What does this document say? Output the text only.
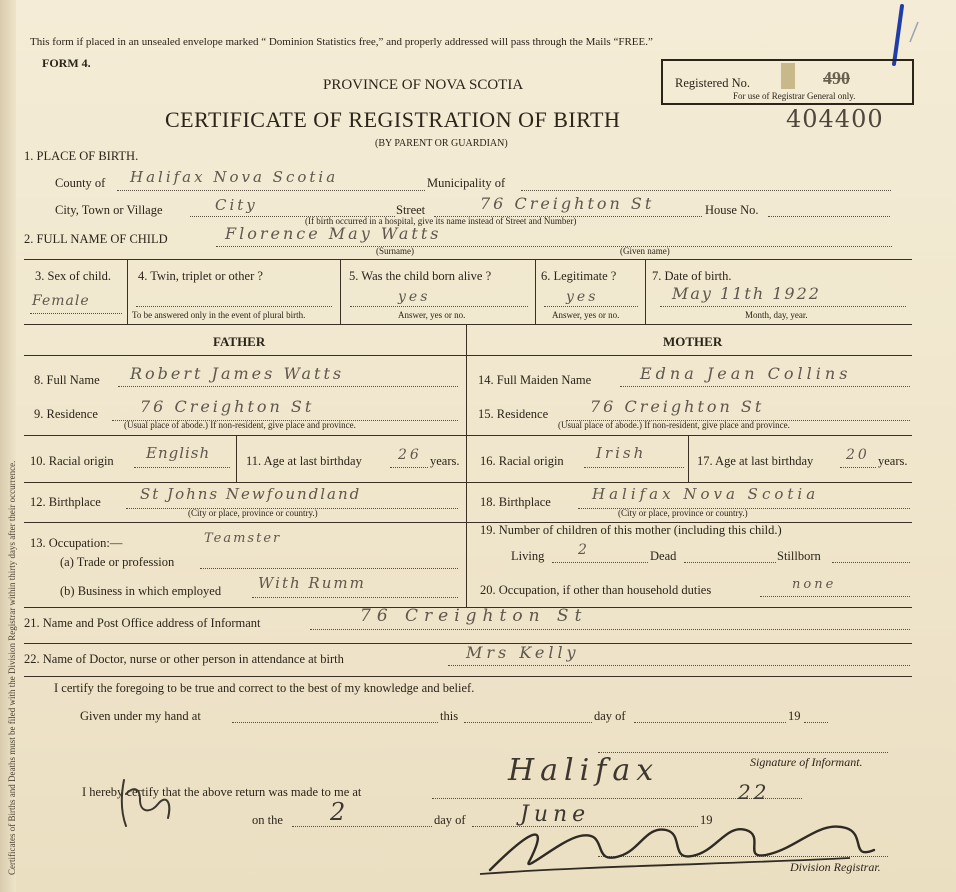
Certificates of Births and Deaths must be filed with the Division Registrar within thirty days after their occurrence.
This form if placed in an unsealed envelope marked “ Dominion Statistics free,” and properly addressed will pass through the Mails “FREE.”
FORM 4.
PROVINCE OF NOVA SCOTIA
CERTIFICATE OF REGISTRATION OF BIRTH
(BY PARENT OR GUARDIAN)
Registered No.
For use of Registrar General only.
490
404400
1. PLACE OF BIRTH.
County of Halifax Nova Scotia	Municipality of
City, Town or Village	City	Street	76 Creighton St	House No.
(If birth occurred in a hospital, give its name instead of Street and Number)
2. FULL NAME OF CHILD	Florence May Watts
(Surname)	(Given name)
3. Sex of child.
Female
4. Twin, triplet or other ?
To be answered only in the event of plural birth.
5. Was the child born alive ?
yes
Answer, yes or no.
6. Legitimate ?
yes
Answer, yes or no.
7. Date of birth.
May 11th 1922
Month, day, year.
FATHER	MOTHER
8. Full Name Robert James Watts
9. Residence	76 Creighton St
(Usual place of abode.) If non-resident, give place and province.
10. Racial origin English	11. Age at last birthday	26 years.
12. Birthplace	St Johns Newfoundland
(City or place, province or country.)
13. Occupation:—	Teamster
(a) Trade or profession
(b) Business in which employed With Rumm
14. Full Maiden Name	Edna Jean Collins
15. Residence	76 Creighton St
(Usual place of abode.) If non-resident, give place and province.
16. Racial origin Irish	17. Age at last birthday 20 years.
18. Birthplace	Halifax Nova Scotia
(City or place, province or country.)
19. Number of children of this mother (including this child.)
Living 2	Dead	Stillborn
20. Occupation, if other than household duties	none
21. Name and Post Office address of Informant	76 Creighton St
22. Name of Doctor, nurse or other person in attendance at birth	Mrs Kelly
I certify the foregoing to be true and correct to the best of my knowledge and belief.
Given under my hand at	this	day of	19
Signature of Informant.
I hereby certify that the above return was made to me at
Halifax
22
on the 2	day of June	19
Division Registrar.
